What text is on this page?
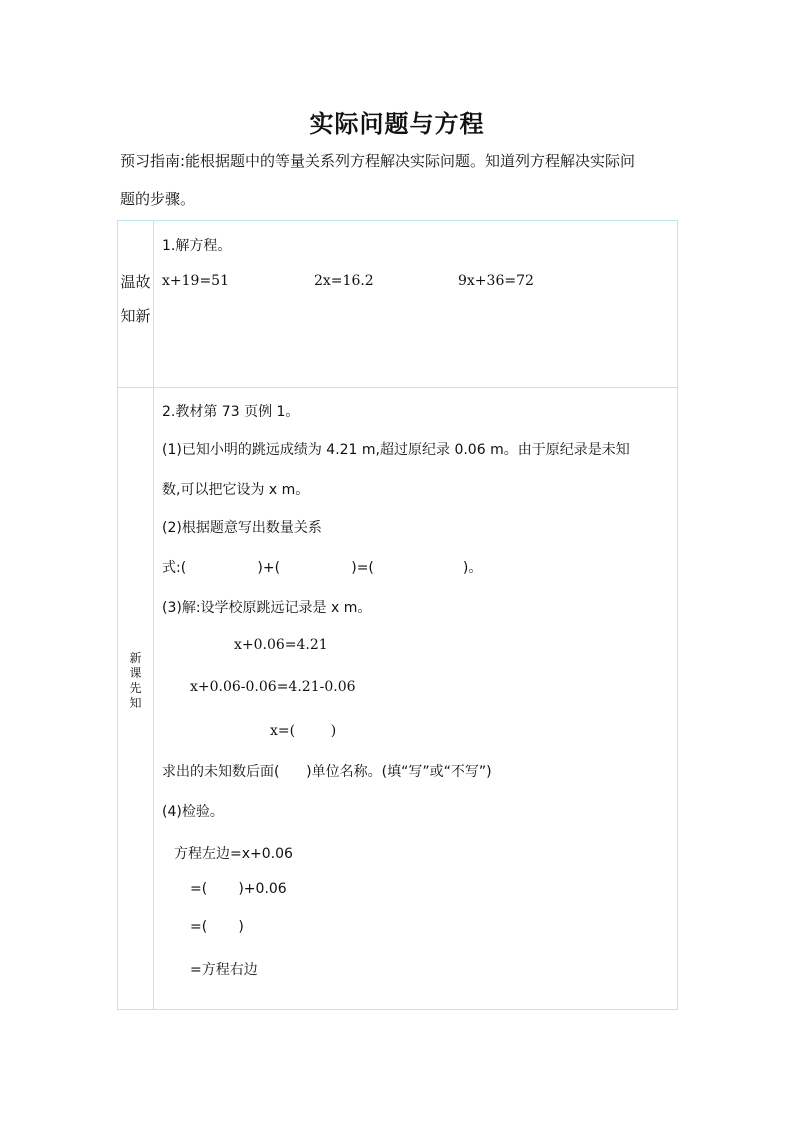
实际问题与方程
预习指南:能根据题中的等量关系列方程解决实际问题。知道列方程解决实际问
题的步骤。
温故
知新
1.解方程。
x+19=51	2x=16.2	9x+36=72
新
课
先
知
2.教材第 73 页例 1。
(1)已知小明的跳远成绩为 4.21 m,超过原纪录 0.06 m。由于原纪录是未知
数,可以把它设为 x m。
(2)根据题意写出数量关系
式:(                )+(                )=(                    )。
(3)解:设学校原跳远记录是 x m。
x+0.06=4.21
x+0.06-0.06=4.21-0.06
x=(        )
求出的未知数后面(      )单位名称。(填“写”或“不写”)
(4)检验。
方程左边=x+0.06
=(       )+0.06
=(       )
=方程右边
